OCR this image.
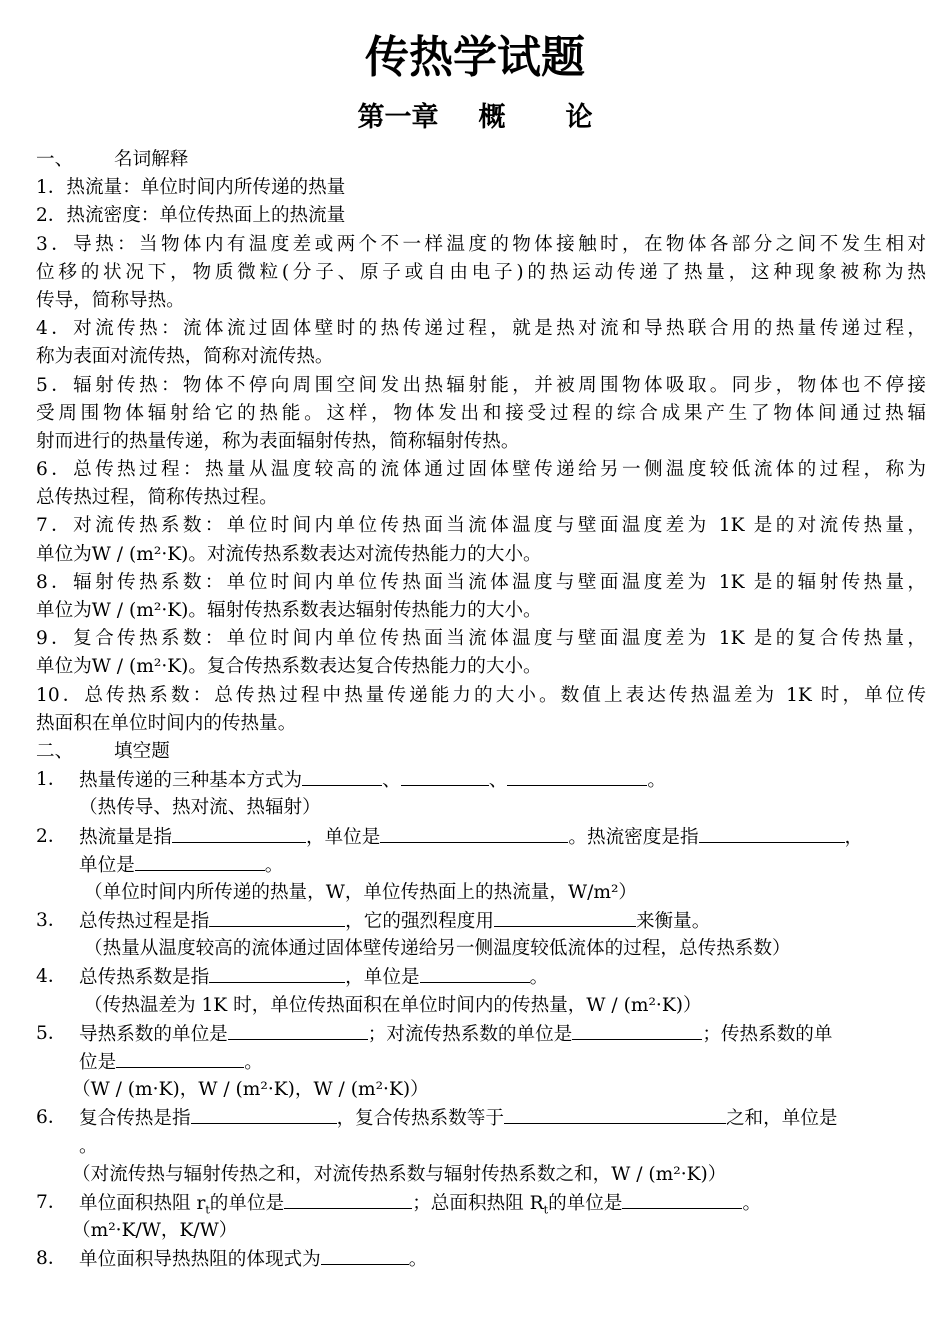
传热学试题
第一章 概 论
一、 名词解释
1．热流量：单位时间内所传递的热量
2．热流密度：单位传热面上的热流量
3．导热：当物体内有温度差或两个不一样温度的物体接触时，在物体各部分之间不发生相对
位移的状况下，物质微粒(分子、原子或自由电子)的热运动传递了热量，这种现象被称为热
传导，简称导热。
4．对流传热：流体流过固体壁时的热传递过程，就是热对流和导热联合用的热量传递过程，
称为表面对流传热，简称对流传热。
5．辐射传热：物体不停向周围空间发出热辐射能，并被周围物体吸取。同步，物体也不停接
受周围物体辐射给它的热能。这样，物体发出和接受过程的综合成果产生了物体间通过热辐
射而进行的热量传递，称为表面辐射传热，简称辐射传热。
6．总传热过程：热量从温度较高的流体通过固体壁传递给另一侧温度较低流体的过程，称为
总传热过程，简称传热过程。
7．对流传热系数：单位时间内单位传热面当流体温度与壁面温度差为 1K 是的对流传热量，
单位为W / (m²·K)。对流传热系数表达对流传热能力的大小。
8．辐射传热系数：单位时间内单位传热面当流体温度与壁面温度差为 1K 是的辐射传热量，
单位为W / (m²·K)。辐射传热系数表达辐射传热能力的大小。
9．复合传热系数：单位时间内单位传热面当流体温度与壁面温度差为 1K 是的复合传热量，
单位为W / (m²·K)。复合传热系数表达复合传热能力的大小。
10．总传热系数：总传热过程中热量传递能力的大小。数值上表达传热温差为 1K 时，单位传
热面积在单位时间内的传热量。
二、 填空题
1． 热量传递的三种基本方式为	、	、	。
（热传导、热对流、热辐射）
2． 热流量是指	，单位是	。热流密度是指	，
单位是	。
（单位时间内所传递的热量，W，单位传热面上的热流量，W/m²）
3． 总传热过程是指	，它的强烈程度用	来衡量。
（热量从温度较高的流体通过固体壁传递给另一侧温度较低流体的过程，总传热系数）
4． 总传热系数是指	，单位是	。
（传热温差为 1K 时，单位传热面积在单位时间内的传热量，W / (m²·K)）
5． 导热系数的单位是	；对流传热系数的单位是	；传热系数的单
位是	。
（W / (m·K)，W / (m²·K)，W / (m²·K)）
6． 复合传热是指	，复合传热系数等于	之和，单位是
。
（对流传热与辐射传热之和，对流传热系数与辐射传热系数之和，W / (m²·K)）
7． 单位面积热阻 $r_t$的单位是	；总面积热阻 $R_t$的单位是	。
（m²·K/W，K/W）
8． 单位面积导热热阻的体现式为	。
